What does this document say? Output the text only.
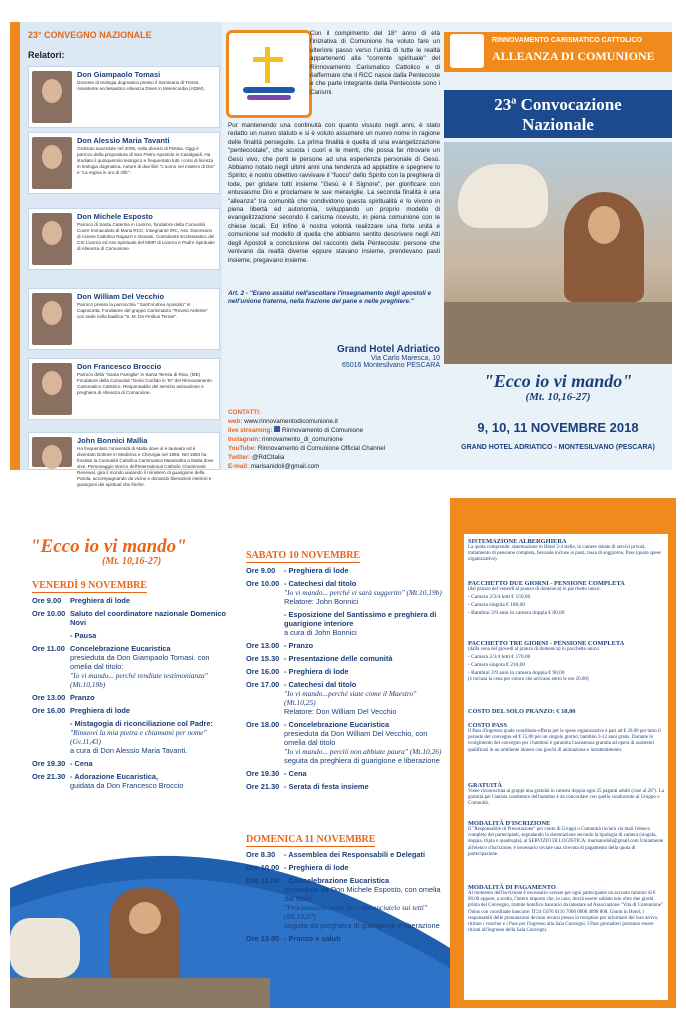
23° CONVEGNO NAZIONALE
Relatori:
Don Giampaolo Tomasi
Docente di teologia dogmatica presso il Seminario di Trento. Assistente ecclesiastico Alleanza Dives in Misericordia (ADIM).
Don Alessio Maria Tavanti
Ordinato sacerdote nel 2009, nella diocesi di Pistoia. Oggi è parroco della propositura di San Pietro Apostolo in Casalguidi. Ha studiato il quinquennio teologico e frequentato tutti i corsi di licenza in teologia dogmatica. Autore di due libri "L'uomo nel mistero di Dio" e "La regina in oro di Ofir".
Don Michele Esposto
Parroco di Santa Caterina in Livorno, fondatore della Comunità Cuore Immacolato di Maria RCC; Insegnante IRC, Ass. Diocesano di Azione Cattolica Ragazzi e Giovani, Consulente Ecclesiastico del CSI Livorno ed Ass.Spirituale del MMP di Livorno e Padre Spirituale di Alleanza di Comunione.
Don William Del Vecchio
Parroco presso la parrocchia " Sant'Andrea Apostolo" in Capracotta. Fondatore del gruppo Carismatico "Roveto Ardente" con sede nella basilica "S. M. De Finibus Terrae".
Don Francesco Broccio
Parroco della "Santa Famiglia" in Santa Teresa di Riva, (ME) Fondatore della Comunità "Gesù Confido in Te" del Rinnovamento Carismatico Cattolico. Responsabile del servizio animazione e preghiera di Alleanza di Comunione.
John Bonnici Mallia
Ha frequentato l'università di Malta dove si è laureato ed è diventato Dottore in Medicina e Chirurgia nel 1969. Nel 1983 ha fondato la Comunità Cattolica Carismatica Maranatha a Malta dove vive. Personaggio storico dell'International Catholic Charismatic Renewal, gira il mondo aiutando il ministero di guarigione della Parola, accompagnando da vicino e donando liberazioni interiori e guarigioni dei spiritual che finche.
Con il compimento del 18° anno di età l'iniziativa di Comunione ha voluto fare un ulteriore passo verso l'unità di tutte le realtà appartenenti alla "corrente spirituale" del Rinnovamento Carismatico Cattolico e di riaffermare che il RCC nasce dalla Pentecoste e che parte integrante della Pentecoste sono i Carismi.
Pur mantenendo una continuità con quanto vissuto negli anni, è stato redatto un nuovo statuto e si è voluto assumere un nuovo nome in ragione delle finalità perseguite. La prima finalità è quella di una evangelizzazione "pentecostale", che scuota i cuori e le menti, che possa far ritrovare un Gesù vivo, che porti le persone ad una esperienza personale di Gesù. Abbiamo notato negli ultimi anni una tendenza ad appiattire e spegnere lo Spirito; è nostro obiettivo ravvivare il "fuoco" dello Spirito con la preghiera di lode, per gridare tutti insieme "Gesù è il Signore", per glorificare con entusiasmo Dio e proclamare le sue meraviglie. La seconda finalità è una "alleanza" tra comunità che condividono questa spiritualità e lo vivono in piena libertà ed autonomia, sviluppando un proprio modello di evangelizzazione secondo il carisma ricevuto, in piena comunione con le chiese locali. Ed infine è nostra volontà realizzare una forte unità e comunione sul modello di quella che abbiamo sentito descrivere negli Atti degli Apostoli a conclusione del racconto della Pentecoste: persone che venivano da realtà diverse eppure stavano insieme, prendevano pasti insieme, pregavano insieme.
Art. 2 - "Erano assidui nell'ascoltare l'insegnamento degli apostoli e nell'unione fraterna, nella frazione del pane e nelle preghiere."
Grand Hotel Adriatico
Via Carlo Maresca, 10
65016 Montesilvano PESCARA
CONTATTI:
web: www.rinnovamentodicomunione.it
live streaming: Rinnovamento di Comunione
Instagram: rinnovamento_di_comunione
YouTube: Rinnovamento di Comunione Official Channel
Twitter: @RdCItalia
E-mail: marisanidoli@gmail.com
RINNOVAMENTO CARISMATICO CATTOLICO
ALLEANZA DI COMUNIONE
23ª Convocazione
Nazionale
"Ecco io vi mando"
(Mt. 10,16-27)
9, 10, 11 NOVEMBRE 2018
GRAND HOTEL ADRIATICO - MONTESILVANO (PESCARA)
"Ecco io vi mando"
(Mt. 10,16-27)
VENERDÌ 9 NOVEMBRE
Ore 9.00 Preghiera di lode
Ore 10.00 Saluto del coordinatore nazionale Domenico Novi
- Pausa
Ore 11.00 Concelebrazione Eucaristica
presieduta da Don Giampaolo Tomasi. con omelia dal titolo:
"Io vi mando... perché rendiate testimonianza" (Mt.10,18b)
Ore 13.00 Pranzo
Ore 16.00 Preghiera di lode
- Mistagogia di riconciliazione col Padre:
"Rimuovi la mia pietra e chiamami per nome" (Gv.11,43)
a cura di Don Alessio Maria Tavanti.
Ore 19.30 - Cena
Ore 21.30 - Adorazione Eucaristica,
guidata da Don Francesco Broccio
SABATO 10 NOVEMBRE
Ore 9.00 - Preghiera di lode
Ore 10.00 - Catechesi dal titolo
"Io vi mando... perché vi sarà suggerito" (Mt.10,19b)
Relatore: John Bonnici
- Esposizione del Santissimo e preghiera di guarigione interiore
a cura di John Bonnici
Ore 13.00 - Pranzo
Ore 15.30 - Presentazione delle comunità
Ore 16.00 - Preghiera di lode
Ore 17.00 - Catechesi dal titolo
"Io vi mando...perché siate come il Maestro" (Mt.10,25)
Relatore: Don William Del Vecchio
Ore 18.00 - Concelebrazione Eucaristica
presieduta da Don William Del Vecchio, con omelia dal titolo
"Io vi mando... perciò non abbiate paura" (Mt.10,26)
seguita da preghiera di guarigione e liberazione
Ore 19.30 - Cena
Ore 21.30 - Serata di festa insieme
DOMENICA 11 NOVEMBRE
Ore 8.30 - Assemblea dei Responsabili e Delegati
Ore 10.00 - Preghiera di lode
Ore 11.00 - Concelebrazione Eucaristica
presieduta da Don Michele Esposto, con omelia dal titolo
"Proclamatelo nella luce, annunciatelo sui tetti" (Mt.10,27)
seguita da preghiera di guarigione e liberazione
Ore 13.00 - Pranzo e saluti
SISTEMAZIONE ALBERGHIERA
La quota comprende: sistemazione in Hotel 3-4 stelle, in camere dotate di servizi privati, trattamento di pensione completa, bevande incluse ai pasti, tassa di soggiorno, Pass (quota spese organizzative).
PACCHETTO DUE GIORNI - PENSIONE COMPLETA
(dal pranzo del venerdì al pranzo di domenica) in pacchetto unico:
- Camera 2/3/4 letti € 150,00
- Camera singola € 180,00
- Bambini 3/9 anni in camera doppia € 80,00
PACCHETTO TRE GIORNI - PENSIONE COMPLETA
(dalla cena del giovedì al pranzo di domenica) in pacchetto unico:
- Camera 2/3/4 letti € 170,00
- Camera singola € 210,00
- Bambini 3/9 anni in camera doppia € 90,00
(è inclusa la cena per coloro che arrivano entro le ore 20.00)
COSTO DEL SOLO PRANZO: € 18,00
COSTO PASS
Il Pass d'ingresso quale contributo-offerta per le spese organizzative è pari ad € 20,00 per tutto il periodo del convegno ed € 15,00 per un singolo giorno; bambini 3-12 anni gratis. Durante lo svolgimento del convegno per i bambini è garantita l'assistenza gratuita ad opera di assistenti qualificati in un ambiente idoneo con giochi di animazione e intrattenimento.
GRATUITÀ
Viene riconosciuta ai gruppi una gratuità in camera doppia ogni 25 paganti adulti (cioè al 26°). La gratuità per l'autista conduttore dell'autobus è da concordare con quello conducente al Gruppo o Comunità.
MODALITÀ D'ISCRIZIONE
Il "Responsabile di Prenotazione" per conto di Gruppi o Comunità invierà via mail l'elenco completo dei partecipanti, segnalando la sistemazione secondo la tipologia di camera (singola, doppia, tripla o quadrupla), al SERVIZIO DI LOGISTICA: marisanidoli@gmail.com Unitamente all'elenco d'iscrizione, è necessario inviare una ricevuta di pagamento della quota di partecipazione.
MODALITÀ DI PAGAMENTO
Al momento dell'iscrizione è necessario versare per ogni partecipante un acconto minimo di € 90,00 oppure, a scelta, l'intero importo che, in caso, dovrà essere saldato non oltre due giorni prima del Convegno, tramite bonifico bancario da intestare ad Associazione "Vita di Comunione" Onlus con coordinate bancarie: IT24 G076 0116 7000 0008 4898 808. Giunti in Hotel, i responsabili delle prenotazioni devono recarsi presso la reception per informare del loro arrivo, ritirare i voucher e i Pass per l'ingresso alla Sala Convegni. I Pass giornalieri potranno essere ritirati all'ingresso della Sala Convegni.
